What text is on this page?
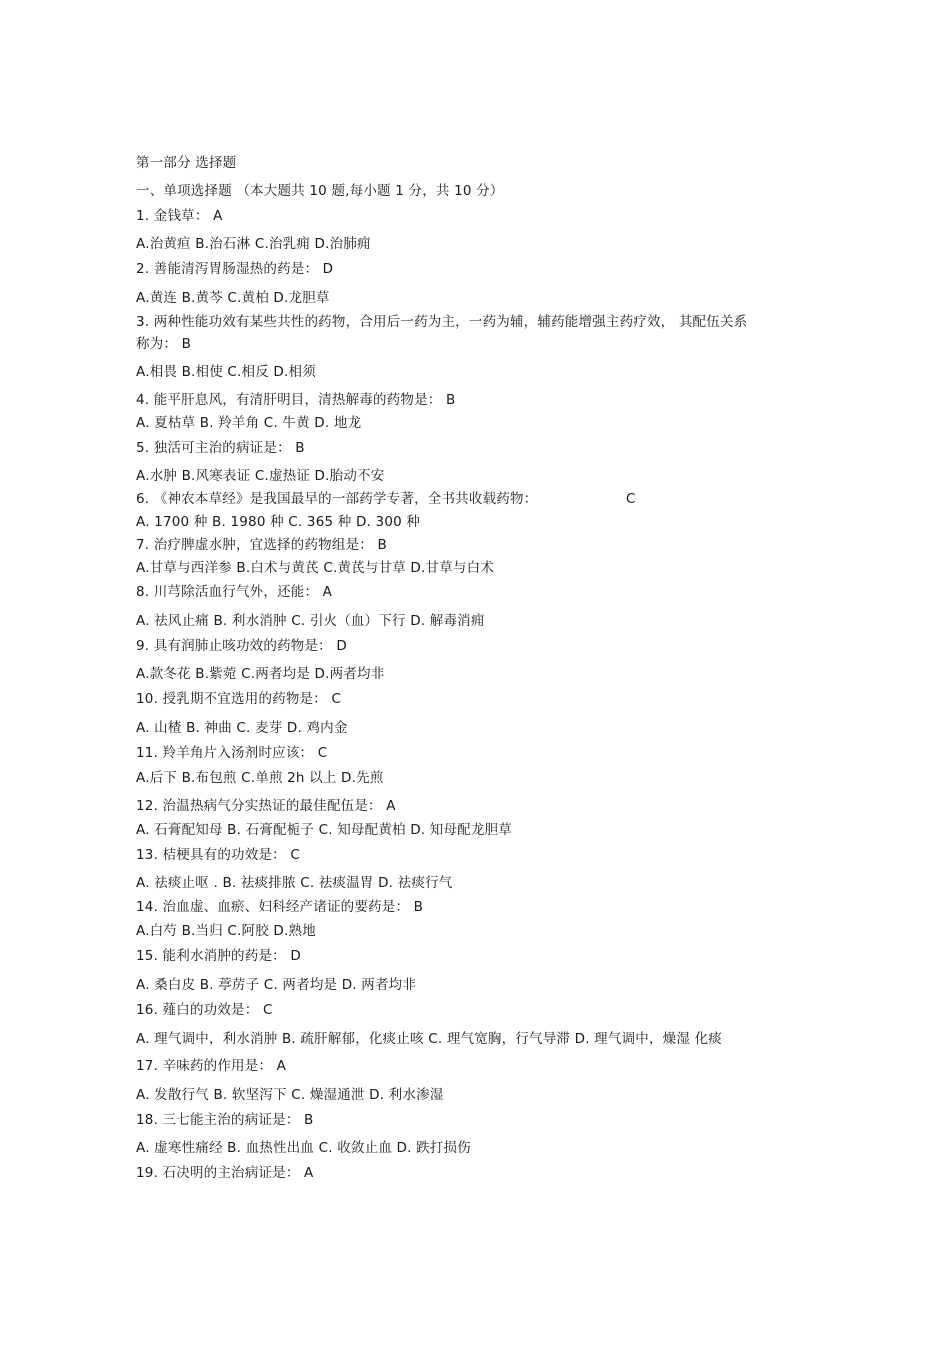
第一部分 选择题
一、单项选择题 （本大题共 10 题,每小题 1 分，共 10 分）
1. 金钱草： A
A.治黄疸 B.治石淋 C.治乳痈 D.治肺痈
2. 善能清泻胃肠湿热的药是： D
A.黄连 B.黄芩 C.黄柏 D.龙胆草
3. 两种性能功效有某些共性的药物，合用后一药为主，一药为辅，辅药能增强主药疗效， 其配伍关系
称为： B
A.相畏 B.相使 C.相反 D.相须
4. 能平肝息风，有清肝明目，清热解毒的药物是： B
A. 夏枯草 B. 羚羊角 C. 牛黄 D. 地龙
5. 独活可主治的病证是： B
A.水肿 B.风寒表证 C.虚热证 D.胎动不安
6. 《神农本草经》是我国最早的一部药学专著，全书共收载药物：	C
A. 1700 种 B. 1980 种 C. 365 种 D. 300 种
7. 治疗脾虚水肿，宜选择的药物组是： B
A.甘草与西洋参 B.白术与黄芪 C.黄芪与甘草 D.甘草与白术
8. 川芎除活血行气外，还能： A
A. 祛风止痛 B. 利水消肿 C. 引火（血）下行 D. 解毒消痈
9. 具有润肺止咳功效的药物是： D
A.款冬花 B.紫菀 C.两者均是 D.两者均非
10. 授乳期不宜选用的药物是： C
A. 山楂 B. 神曲 C. 麦芽 D. 鸡内金
11. 羚羊角片入汤剂时应该： C
A.后下 B.布包煎 C.单煎 2h 以上 D.先煎
12. 治温热病气分实热证的最佳配伍是： A
A. 石膏配知母 B. 石膏配栀子 C. 知母配黄柏 D. 知母配龙胆草
13. 桔梗具有的功效是： C
A. 祛痰止呕 . B. 祛痰排脓 C. 祛痰温胃 D. 祛痰行气
14. 治血虚、血瘀、妇科经产诸证的要药是： B
A.白芍 B.当归 C.阿胶 D.熟地
15. 能利水消肿的药是： D
A. 桑白皮 B. 葶苈子 C. 两者均是 D. 两者均非
16. 薤白的功效是： C
A. 理气调中，利水消肿 B. 疏肝解郁，化痰止咳 C. 理气宽胸，行气导滞 D. 理气调中，燥湿 化痰
17. 辛味药的作用是： A
A. 发散行气 B. 软坚泻下 C. 燥湿通泄 D. 利水渗湿
18. 三七能主治的病证是： B
A. 虚寒性痛经 B. 血热性出血 C. 收敛止血 D. 跌打损伤
19. 石决明的主治病证是： A
